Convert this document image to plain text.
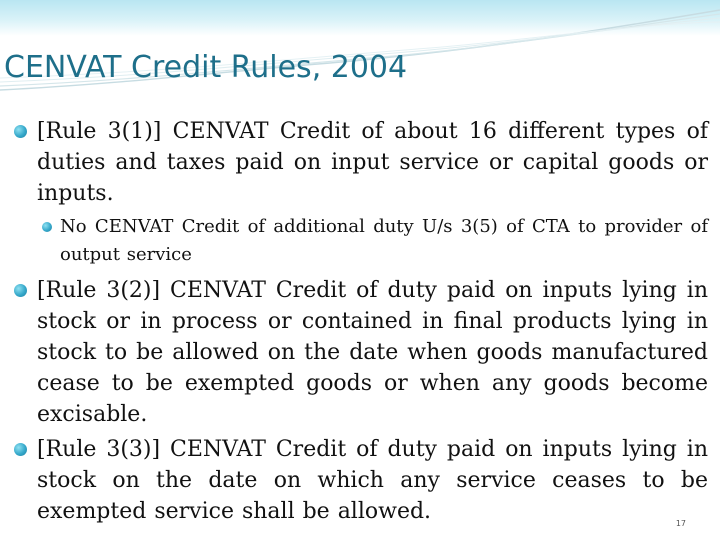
CENVAT Credit Rules, 2004
[Rule 3(1)] CENVAT Credit of about 16 different types of duties and taxes paid on input service or capital goods or inputs.
No CENVAT Credit of additional duty U/s 3(5) of CTA to provider of output service
[Rule 3(2)] CENVAT Credit of duty paid on inputs lying in stock or in process or contained in final products lying in stock to be allowed on the date when goods manufactured cease to be exempted goods or when any goods become excisable.
[Rule 3(3)] CENVAT Credit of duty paid on inputs lying in stock on the date on which any service ceases to be exempted service shall be allowed.	17
